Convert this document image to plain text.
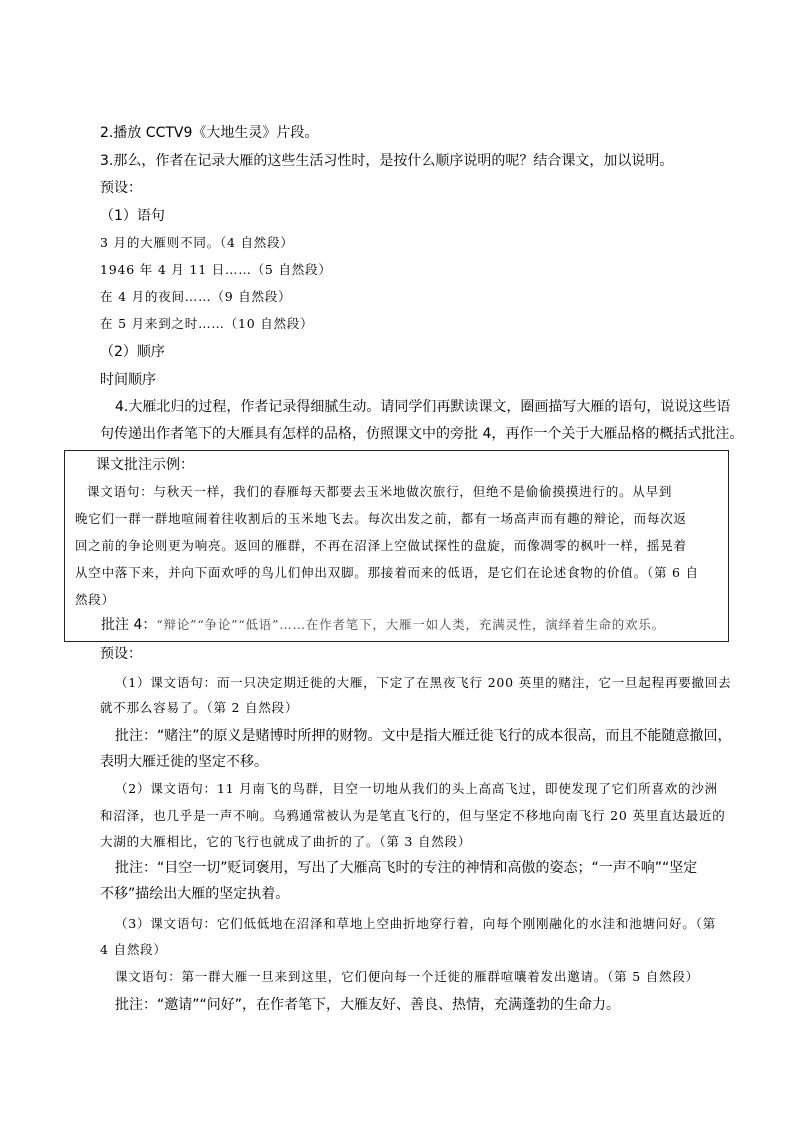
2.播放 CCTV9《大地生灵》片段。
3.那么，作者在记录大雁的这些生活习性时，是按什么顺序说明的呢？结合课文，加以说明。
预设：
（1）语句
3 月的大雁则不同。（4 自然段）
1946 年 4 月 11 日……（5 自然段）
在 4 月的夜间……（9 自然段）
在 5 月来到之时……（10 自然段）
（2）顺序
时间顺序
4.大雁北归的过程，作者记录得细腻生动。请同学们再默读课文，圈画描写大雁的语句，说说这些语
句传递出作者笔下的大雁具有怎样的品格，仿照课文中的旁批 4，再作一个关于大雁品格的概括式批注。
课文批注示例：
课文语句：与秋天一样，我们的春雁每天都要去玉米地做次旅行，但绝不是偷偷摸摸进行的。从早到
晚它们一群一群地喧闹着往收割后的玉米地飞去。每次出发之前，都有一场高声而有趣的辩论，而每次返
回之前的争论则更为响亮。返回的雁群，不再在沼泽上空做试探性的盘旋，而像凋零的枫叶一样，摇晃着
从空中落下来，并向下面欢呼的鸟儿们伸出双脚。那接着而来的低语，是它们在论述食物的价值。（第 6 自
然段）
批注 4：“辩论”“争论”“低语”……在作者笔下，大雁一如人类，充满灵性，演绎着生命的欢乐。
预设：
（1）课文语句：而一只决定期迁徙的大雁，下定了在黑夜飞行 200 英里的赌注，它一旦起程再要撤回去
就不那么容易了。（第 2 自然段）
批注：“赌注”的原义是赌博时所押的财物。文中是指大雁迁徙飞行的成本很高，而且不能随意撤回，
表明大雁迁徙的坚定不移。
（2）课文语句：11 月南飞的鸟群，目空一切地从我们的头上高高飞过，即使发现了它们所喜欢的沙洲
和沼泽，也几乎是一声不响。乌鸦通常被认为是笔直飞行的，但与坚定不移地向南飞行 20 英里直达最近的
大湖的大雁相比，它的飞行也就成了曲折的了。（第 3 自然段）
批注：“目空一切”贬词褒用，写出了大雁高飞时的专注的神情和高傲的姿态；“一声不响”“坚定
不移”描绘出大雁的坚定执着。
（3）课文语句：它们低低地在沼泽和草地上空曲折地穿行着，向每个刚刚融化的水洼和池塘问好。（第
4 自然段）
课文语句：第一群大雁一旦来到这里，它们便向每一个迁徙的雁群喧嚷着发出邀请。（第 5 自然段）
批注：“邀请”“问好”，在作者笔下，大雁友好、善良、热情，充满蓬勃的生命力。
